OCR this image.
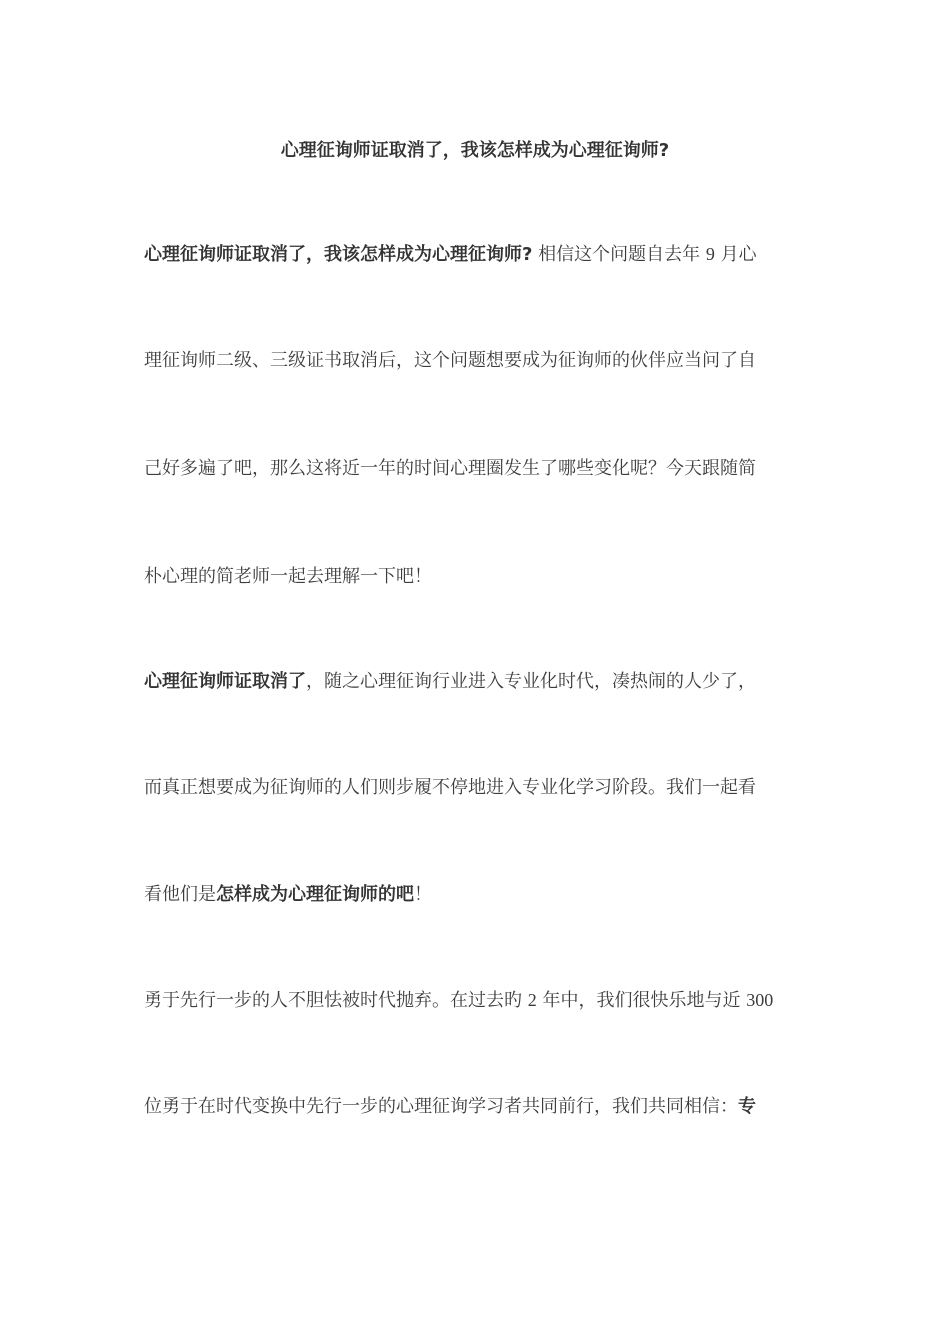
心理征询师证取消了，我该怎样成为心理征询师?

心理征询师证取消了，我该怎样成为心理征询师? 相信这个问题自去年 9 月心

理征询师二级、三级证书取消后，这个问题想要成为征询师的伙伴应当问了自

己好多遍了吧，那么这将近一年的时间心理圈发生了哪些变化呢？今天跟随简

朴心理的简老师一起去理解一下吧！

心理征询师证取消了，随之心理征询行业进入专业化时代，凑热闹的人少了，

而真正想要成为征询师的人们则步履不停地进入专业化学习阶段。我们一起看

看他们是怎样成为心理征询师的吧！

勇于先行一步的人不胆怯被时代抛弃。在过去旳 2 年中，我们很快乐地与近 300

位勇于在时代变换中先行一步的心理征询学习者共同前行，我们共同相信：专
